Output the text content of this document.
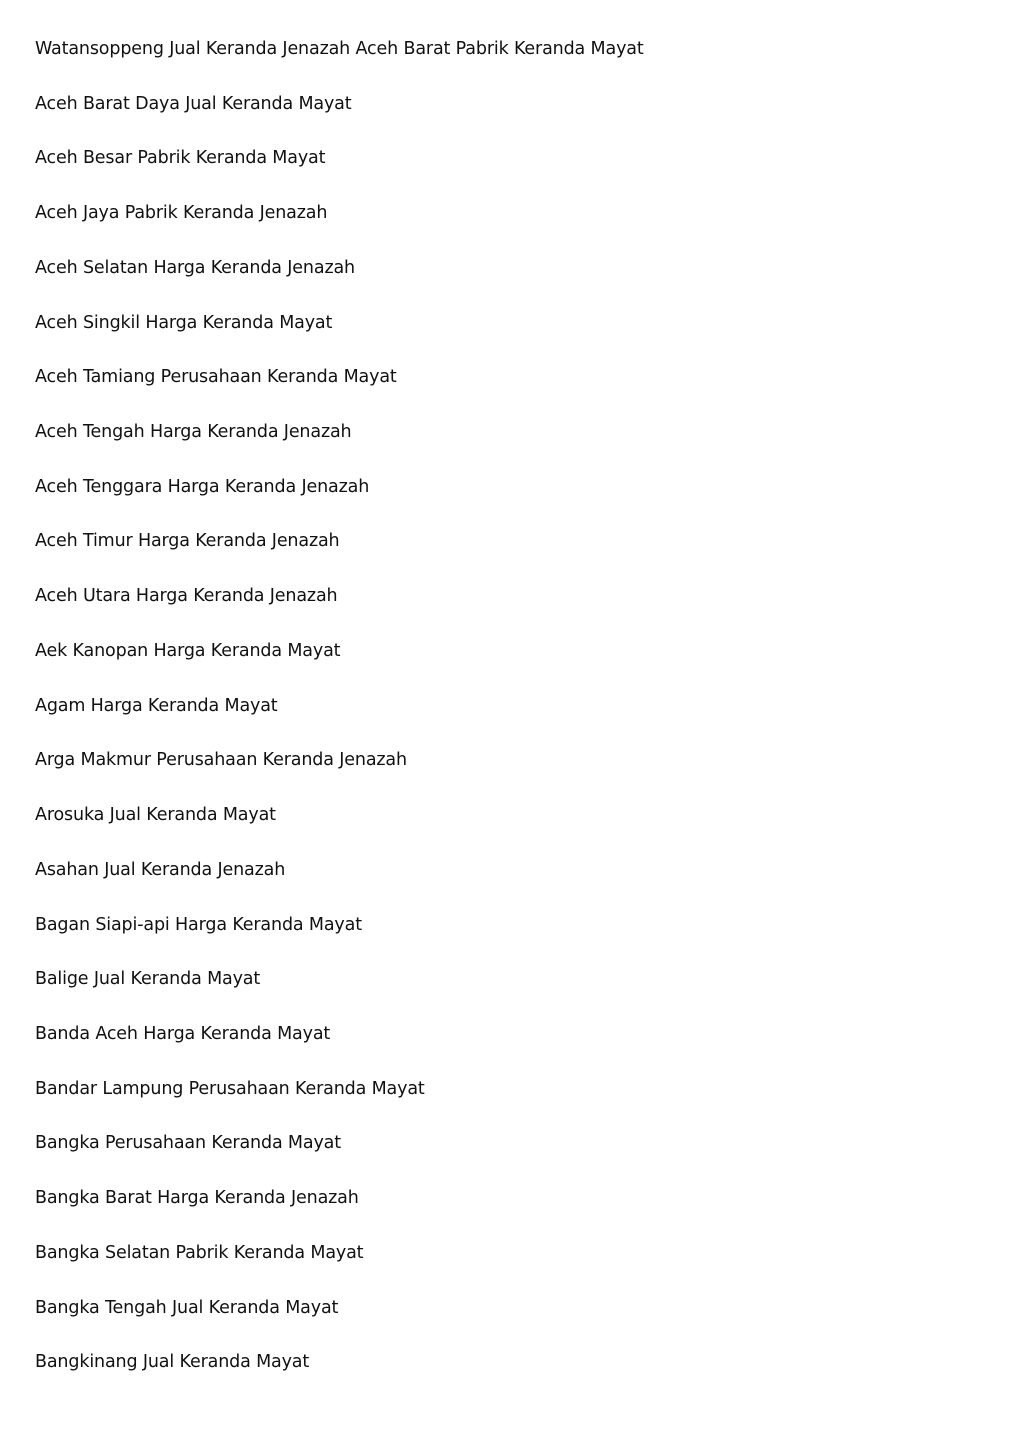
Watansoppeng Jual Keranda Jenazah Aceh Barat Pabrik Keranda Mayat
Aceh Barat Daya Jual Keranda Mayat
Aceh Besar Pabrik Keranda Mayat
Aceh Jaya Pabrik Keranda Jenazah
Aceh Selatan Harga Keranda Jenazah
Aceh Singkil Harga Keranda Mayat
Aceh Tamiang Perusahaan Keranda Mayat
Aceh Tengah Harga Keranda Jenazah
Aceh Tenggara Harga Keranda Jenazah
Aceh Timur Harga Keranda Jenazah
Aceh Utara Harga Keranda Jenazah
Aek Kanopan Harga Keranda Mayat
Agam Harga Keranda Mayat
Arga Makmur Perusahaan Keranda Jenazah
Arosuka Jual Keranda Mayat
Asahan Jual Keranda Jenazah
Bagan Siapi-api Harga Keranda Mayat
Balige Jual Keranda Mayat
Banda Aceh Harga Keranda Mayat
Bandar Lampung Perusahaan Keranda Mayat
Bangka Perusahaan Keranda Mayat
Bangka Barat Harga Keranda Jenazah
Bangka Selatan Pabrik Keranda Mayat
Bangka Tengah Jual Keranda Mayat
Bangkinang Jual Keranda Mayat
